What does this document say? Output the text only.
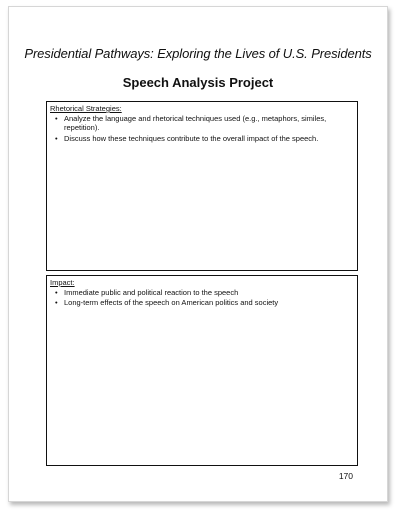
Presidential Pathways: Exploring the Lives of U.S. Presidents
Speech Analysis Project
Rhetorical Strategies:
• Analyze the language and rhetorical techniques used (e.g., metaphors, similes, repetition).
• Discuss how these techniques contribute to the overall impact of the speech.
Impact:
• Immediate public and political reaction to the speech
• Long-term effects of the speech on American politics and society
170
